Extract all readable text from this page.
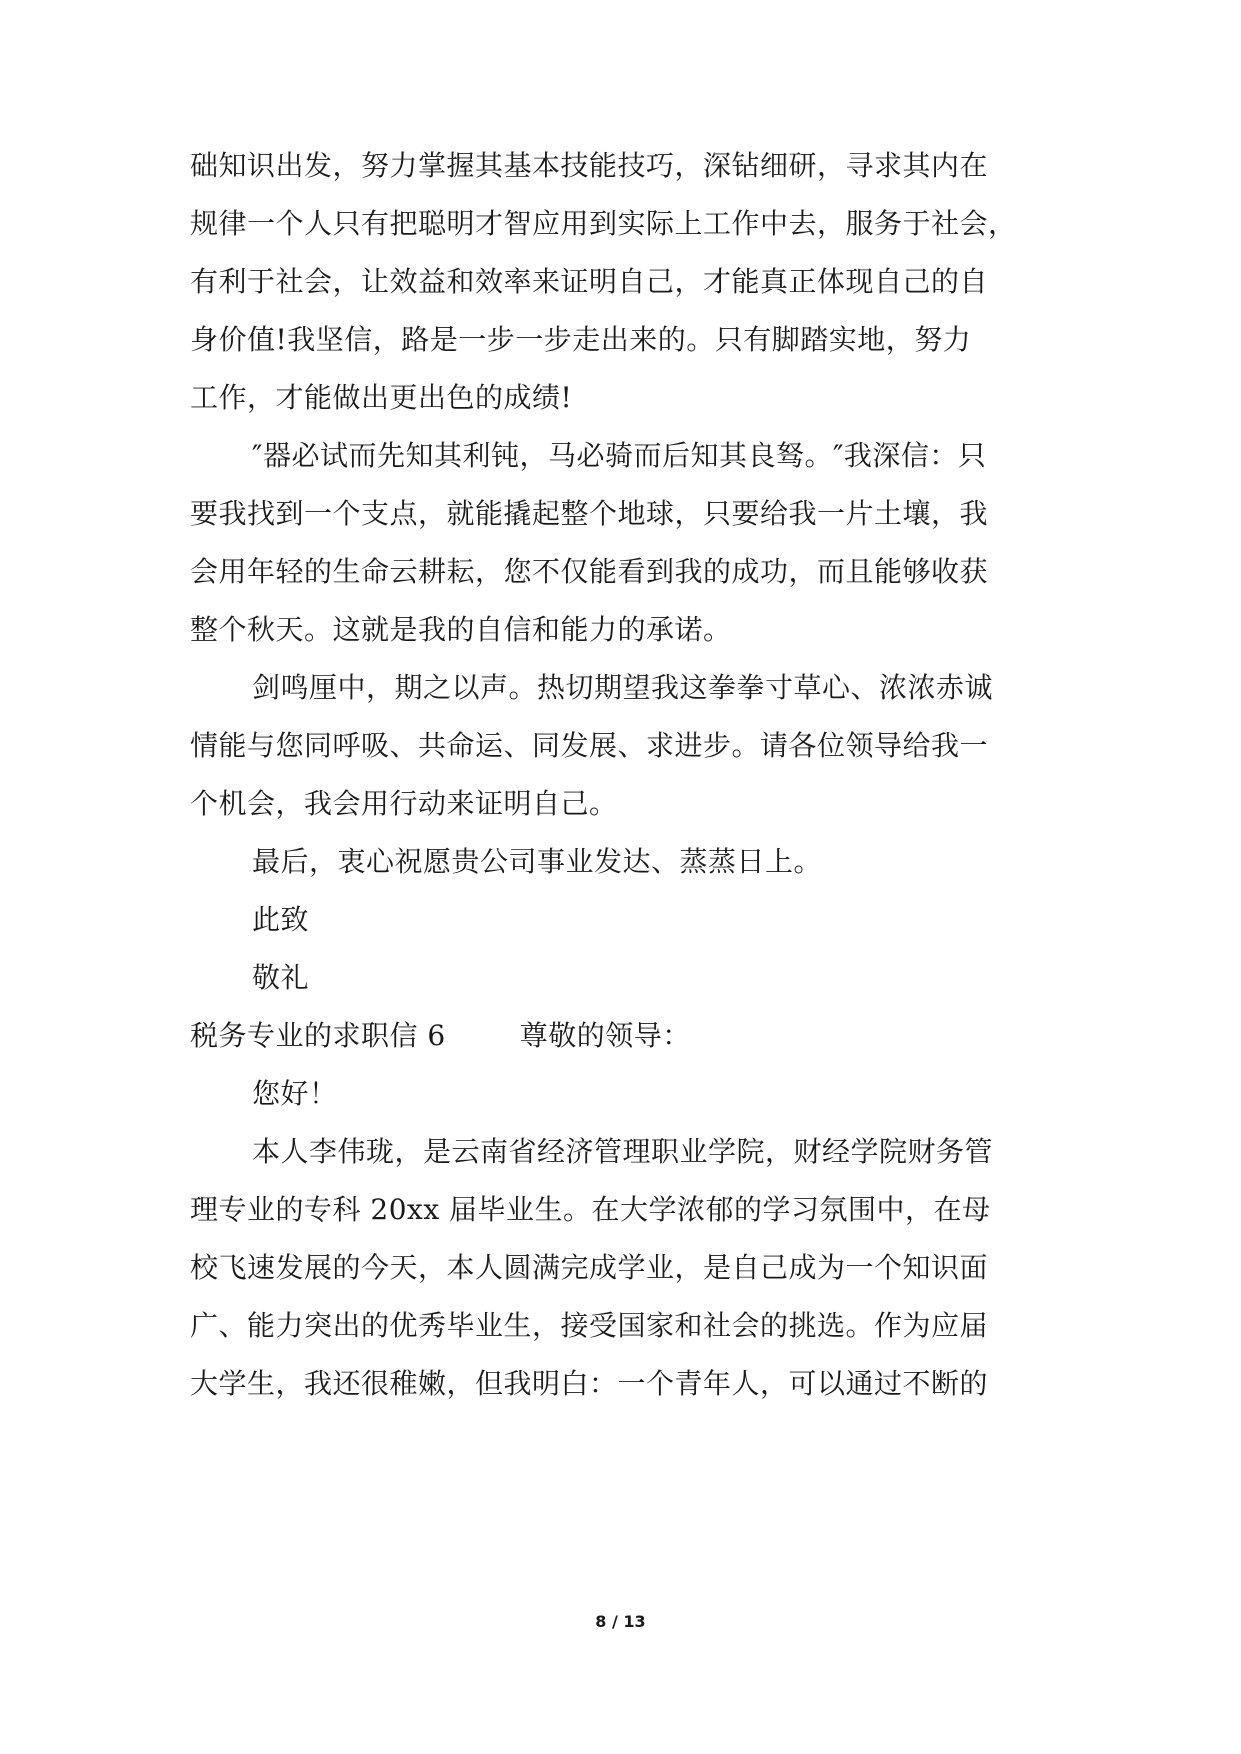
础知识出发，努力掌握其基本技能技巧，深钻细研，寻求其内在
规律一个人只有把聪明才智应用到实际上工作中去，服务于社会，
有利于社会，让效益和效率来证明自己，才能真正体现自己的自
身价值!我坚信，路是一步一步走出来的。只有脚踏实地，努力
工作，才能做出更出色的成绩!
″器必试而先知其利钝，马必骑而后知其良驽。″我深信：只
要我找到一个支点，就能撬起整个地球，只要给我一片土壤，我
会用年轻的生命云耕耘，您不仅能看到我的成功，而且能够收获
整个秋天。这就是我的自信和能力的承诺。
剑鸣厘中，期之以声。热切期望我这拳拳寸草心、浓浓赤诚
情能与您同呼吸、共命运、同发展、求进步。请各位领导给我一
个机会，我会用行动来证明自己。
最后，衷心祝愿贵公司事业发达、蒸蒸日上。
此致
敬礼
税务专业的求职信 6	尊敬的领导：
您好！
本人李伟珑，是云南省经济管理职业学院，财经学院财务管
理专业的专科 20xx 届毕业生。在大学浓郁的学习氛围中，在母
校飞速发展的今天，本人圆满完成学业，是自己成为一个知识面
广、能力突出的优秀毕业生，接受国家和社会的挑选。作为应届
大学生，我还很稚嫩，但我明白：一个青年人，可以通过不断的
8 / 13
